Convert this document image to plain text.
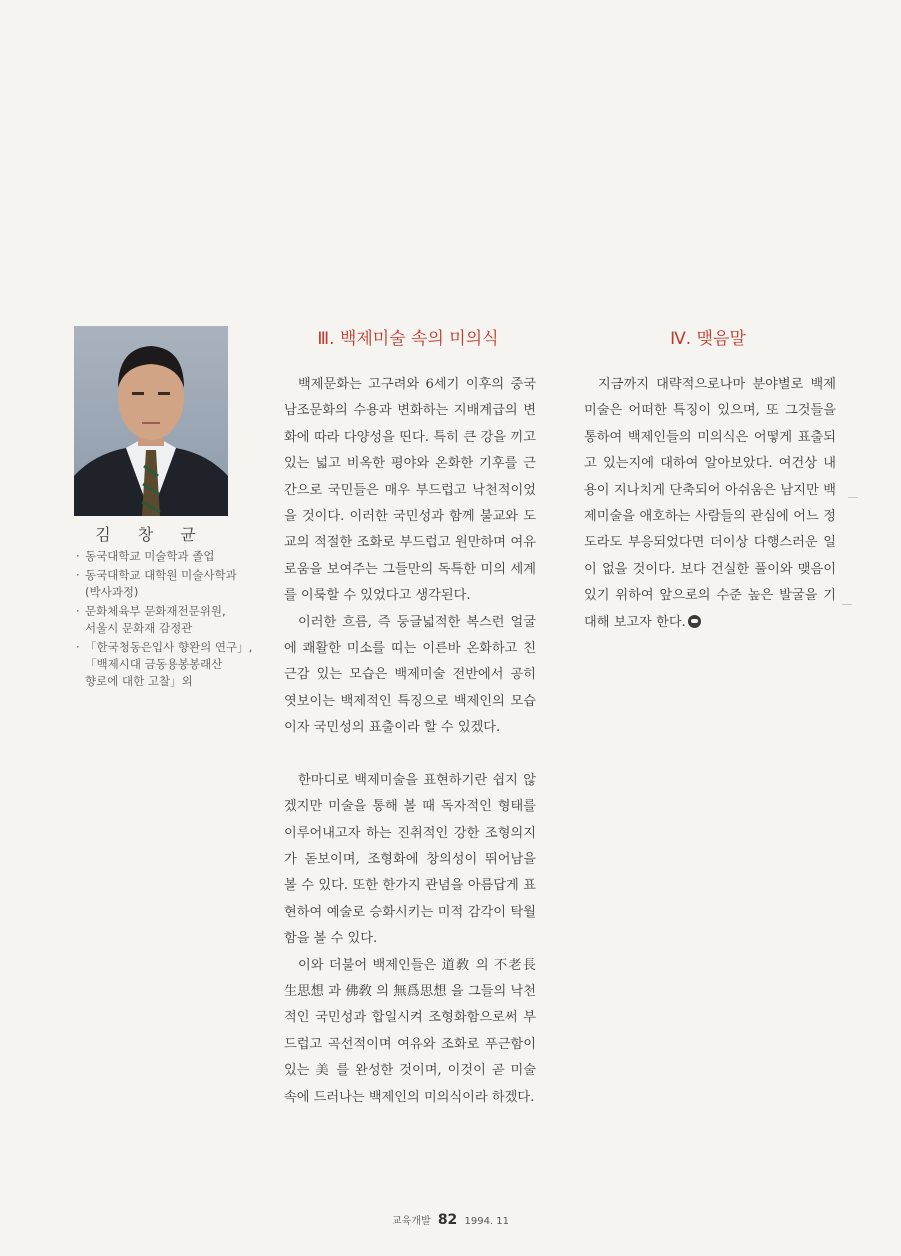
김 창 균
· 동국대학교 미술학과 졸업
· 동국대학교 대학원 미술사학과
(박사과정)
· 문화체육부 문화재전문위원,
서울시 문화재 감정관
· 「한국청동은입사 향완의 연구」,
「백제시대 금동용봉봉래산
향로에 대한 고찰」외
Ⅲ. 백제미술 속의 미의식

백제문화는 고구려와 6세기 이후의 중국 남조문화의 수용과 변화하는 지배계급의 변화에 따라 다양성을 띤다. 특히 큰 강을 끼고 있는 넓고 비옥한 평야와 온화한 기후를 근간으로 국민들은 매우 부드럽고 낙천적이었을 것이다. 이러한 국민성과 함께 불교와 도교의 적절한 조화로 부드럽고 원만하며 여유로움을 보여주는 그들만의 독특한 미의 세계를 이룩할 수 있었다고 생각된다.

이러한 흐름, 즉 둥글넓적한 복스런 얼굴에 쾌활한 미소를 띠는 이른바 온화하고 친근감 있는 모습은 백제미술 전반에서 공히 엿보이는 백제적인 특징으로 백제인의 모습이자 국민성의 표출이라 할 수 있겠다.

한마디로 백제미술을 표현하기란 쉽지 않겠지만 미술을 통해 볼 때 독자적인 형태를 이루어내고자 하는 진취적인 강한 조형의지가 돋보이며, 조형화에 창의성이 뛰어남을 볼 수 있다. 또한 한가지 관념을 아름답게 표현하여 예술로 승화시키는 미적 감각이 탁월함을 볼 수 있다.

이와 더불어 백제인들은 道敎 의 不老長生思想 과 佛敎 의 無爲思想 을 그들의 낙천적인 국민성과 합일시켜 조형화함으로써 부드럽고 곡선적이며 여유와 조화로 푸근함이 있는 美 를 완성한 것이며, 이것이 곧 미술 속에 드러나는 백제인의 미의식이라 하겠다.

Ⅳ. 맺음말

지금까지 대략적으로나마 분야별로 백제미술은 어떠한 특징이 있으며, 또 그것들을 통하여 백제인들의 미의식은 어떻게 표출되고 있는지에 대하여 알아보았다. 여건상 내용이 지나치게 단축되어 아쉬움은 남지만 백제미술을 애호하는 사람들의 관심에 어느 정도라도 부응되었다면 더이상 다행스러운 일이 없을 것이다. 보다 건실한 풀이와 맺음이 있기 위하여 앞으로의 수준 높은 발굴을 기대해 보고자 한다.

교육개발 82 1994. 11
